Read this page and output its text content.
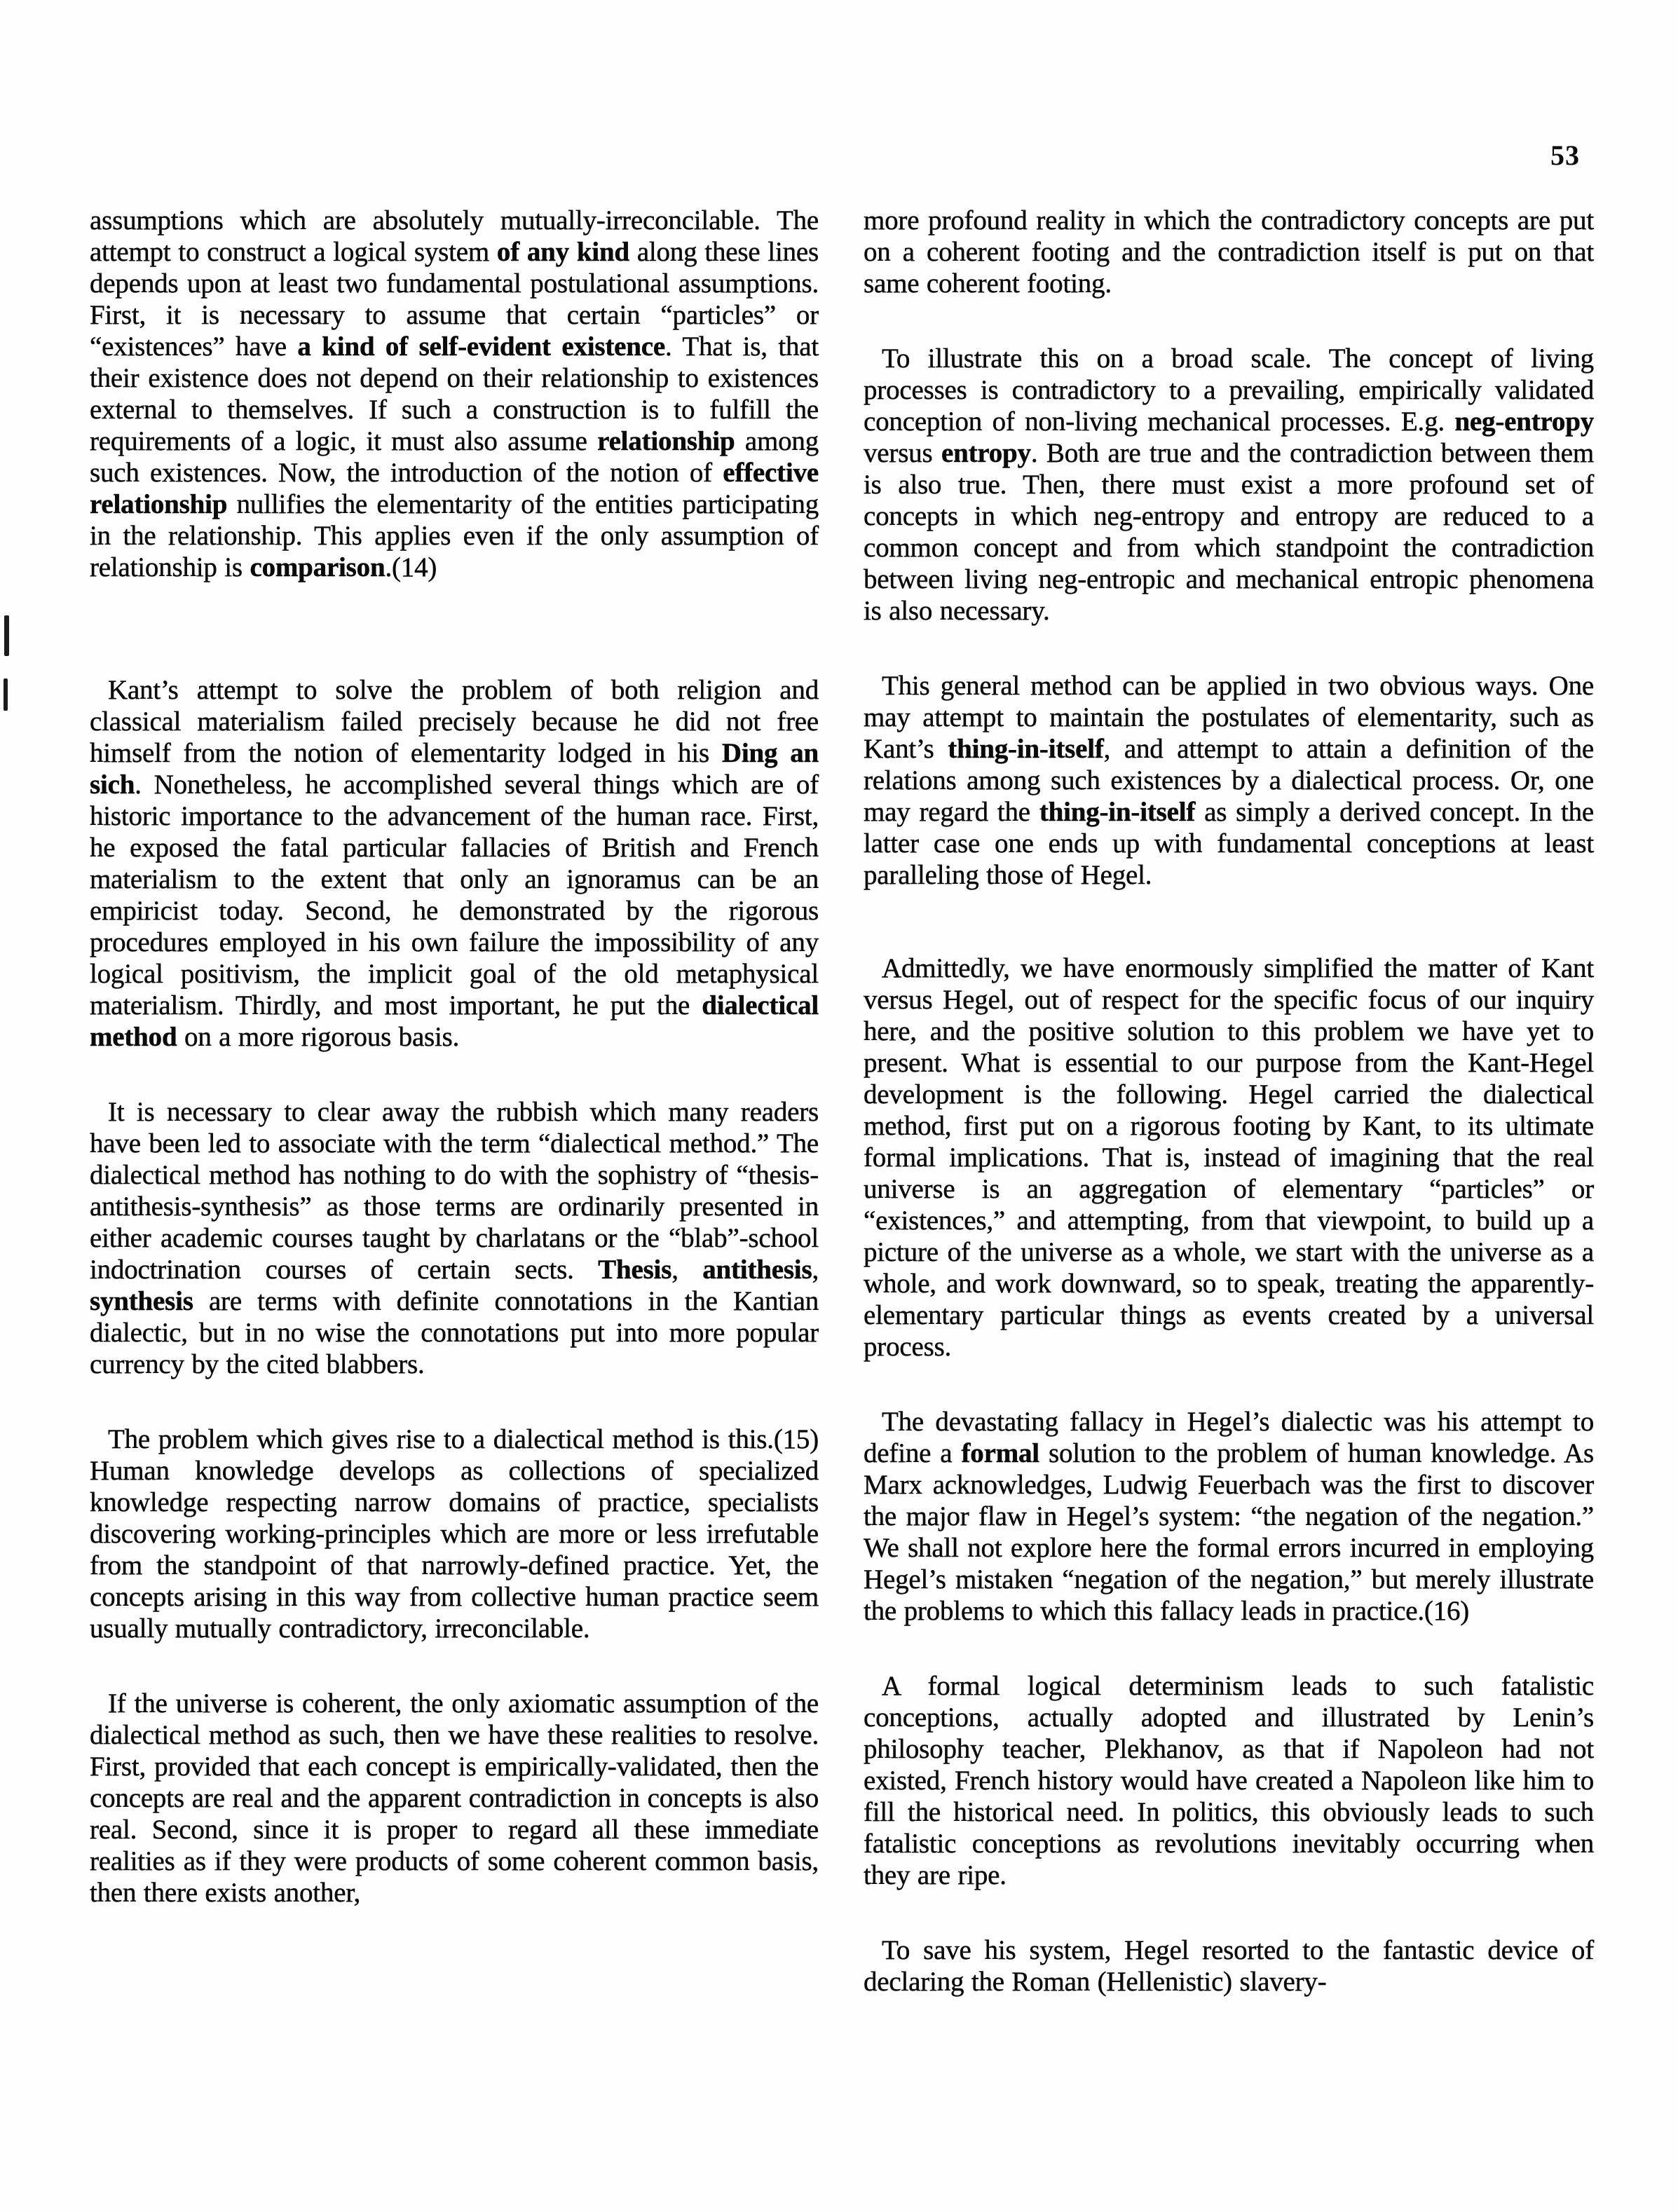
53

assumptions which are absolutely mutually-irreconcilable. The attempt to construct a logical system of any kind along these lines depends upon at least two fundamental postulational assumptions. First, it is necessary to assume that certain “particles” or “existences” have a kind of self-evident existence. That is, that their existence does not depend on their relationship to existences external to themselves. If such a construction is to fulfill the requirements of a logic, it must also assume relationship among such existences. Now, the introduction of the notion of effective relationship nullifies the elementarity of the entities participating in the relationship. This applies even if the only assumption of relationship is comparison.(14)

Kant’s attempt to solve the problem of both religion and classical materialism failed precisely because he did not free himself from the notion of elementarity lodged in his Ding an sich. Nonetheless, he accomplished several things which are of historic importance to the advancement of the human race. First, he exposed the fatal particular fallacies of British and French materialism to the extent that only an ignoramus can be an empiricist today. Second, he demonstrated by the rigorous procedures employed in his own failure the impossibility of any logical positivism, the implicit goal of the old metaphysical materialism. Thirdly, and most important, he put the dialectical method on a more rigorous basis.

It is necessary to clear away the rubbish which many readers have been led to associate with the term “dialectical method.” The dialectical method has nothing to do with the sophistry of “thesis-antithesis-synthesis” as those terms are ordinarily presented in either academic courses taught by charlatans or the “blab”-school indoctrination courses of certain sects. Thesis, antithesis, synthesis are terms with definite connotations in the Kantian dialectic, but in no wise the connotations put into more popular currency by the cited blabbers.

The problem which gives rise to a dialectical method is this.(15) Human knowledge develops as collections of specialized knowledge respecting narrow domains of practice, specialists discovering working-principles which are more or less irrefutable from the standpoint of that narrowly-defined practice. Yet, the concepts arising in this way from collective human practice seem usually mutually contradictory, irreconcilable.

If the universe is coherent, the only axiomatic assumption of the dialectical method as such, then we have these realities to resolve. First, provided that each concept is empirically-validated, then the concepts are real and the apparent contradiction in concepts is also real. Second, since it is proper to regard all these immediate realities as if they were products of some coherent common basis, then there exists another,

more profound reality in which the contradictory concepts are put on a coherent footing and the contradiction itself is put on that same coherent footing.

To illustrate this on a broad scale. The concept of living processes is contradictory to a prevailing, empirically validated conception of non-living mechanical processes. E.g. neg-entropy versus entropy. Both are true and the contradiction between them is also true. Then, there must exist a more profound set of concepts in which neg-entropy and entropy are reduced to a common concept and from which standpoint the contradiction between living neg-entropic and mechanical entropic phenomena is also necessary.

This general method can be applied in two obvious ways. One may attempt to maintain the postulates of elementarity, such as Kant’s thing-in-itself, and attempt to attain a definition of the relations among such existences by a dialectical process. Or, one may regard the thing-in-itself as simply a derived concept. In the latter case one ends up with fundamental conceptions at least paralleling those of Hegel.

Admittedly, we have enormously simplified the matter of Kant versus Hegel, out of respect for the specific focus of our inquiry here, and the positive solution to this problem we have yet to present. What is essential to our purpose from the Kant-Hegel development is the following. Hegel carried the dialectical method, first put on a rigorous footing by Kant, to its ultimate formal implications. That is, instead of imagining that the real universe is an aggregation of elementary “particles” or “existences,” and attempting, from that viewpoint, to build up a picture of the universe as a whole, we start with the universe as a whole, and work downward, so to speak, treating the apparently-elementary particular things as events created by a universal process.

The devastating fallacy in Hegel’s dialectic was his attempt to define a formal solution to the problem of human knowledge. As Marx acknowledges, Ludwig Feuerbach was the first to discover the major flaw in Hegel’s system: “the negation of the negation.” We shall not explore here the formal errors incurred in employing Hegel’s mistaken “negation of the negation,” but merely illustrate the problems to which this fallacy leads in practice.(16)

A formal logical determinism leads to such fatalistic conceptions, actually adopted and illustrated by Lenin’s philosophy teacher, Plekhanov, as that if Napoleon had not existed, French history would have created a Napoleon like him to fill the historical need. In politics, this obviously leads to such fatalistic conceptions as revolutions inevitably occurring when they are ripe.

To save his system, Hegel resorted to the fantastic device of declaring the Roman (Hellenistic) slavery-
